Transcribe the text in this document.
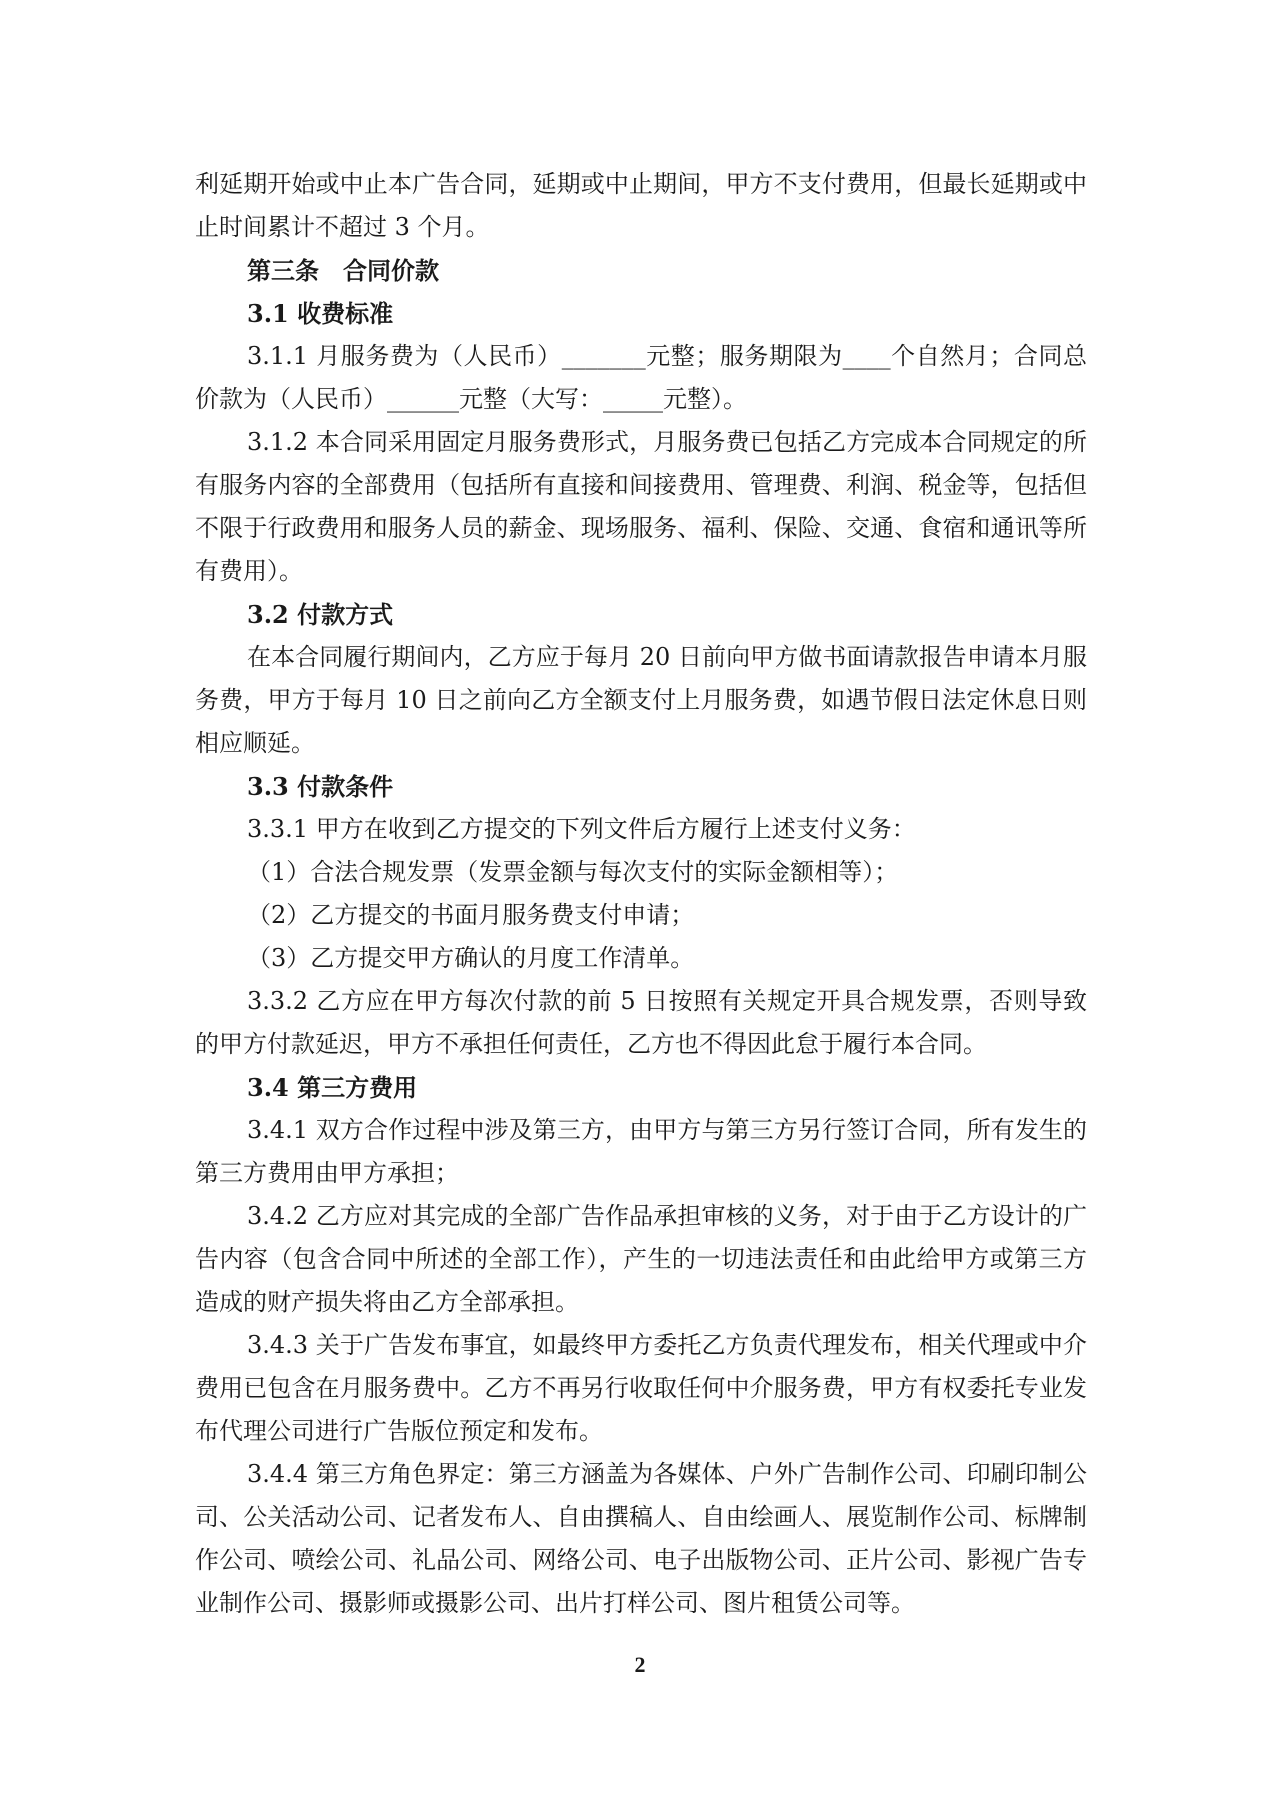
利延期开始或中止本广告合同，延期或中止期间，甲方不支付费用，但最长延期或中止时间累计不超过 3 个月。

第三条　合同价款

3.1 收费标准

3.1.1 月服务费为（人民币）_______元整；服务期限为____个自然月；合同总价款为（人民币）______元整（大写：_____元整）。

3.1.2 本合同采用固定月服务费形式，月服务费已包括乙方完成本合同规定的所有服务内容的全部费用（包括所有直接和间接费用、管理费、利润、税金等，包括但不限于行政费用和服务人员的薪金、现场服务、福利、保险、交通、食宿和通讯等所有费用）。

3.2 付款方式

在本合同履行期间内，乙方应于每月 20 日前向甲方做书面请款报告申请本月服务费，甲方于每月 10 日之前向乙方全额支付上月服务费，如遇节假日法定休息日则相应顺延。

3.3 付款条件

3.3.1 甲方在收到乙方提交的下列文件后方履行上述支付义务：

（1）合法合规发票（发票金额与每次支付的实际金额相等）；

（2）乙方提交的书面月服务费支付申请；

（3）乙方提交甲方确认的月度工作清单。

3.3.2 乙方应在甲方每次付款的前 5 日按照有关规定开具合规发票，否则导致的甲方付款延迟，甲方不承担任何责任，乙方也不得因此怠于履行本合同。

3.4 第三方费用

3.4.1 双方合作过程中涉及第三方，由甲方与第三方另行签订合同，所有发生的第三方费用由甲方承担；

3.4.2 乙方应对其完成的全部广告作品承担审核的义务，对于由于乙方设计的广告内容（包含合同中所述的全部工作），产生的一切违法责任和由此给甲方或第三方造成的财产损失将由乙方全部承担。

3.4.3 关于广告发布事宜，如最终甲方委托乙方负责代理发布，相关代理或中介费用已包含在月服务费中。乙方不再另行收取任何中介服务费，甲方有权委托专业发布代理公司进行广告版位预定和发布。

3.4.4 第三方角色界定：第三方涵盖为各媒体、户外广告制作公司、印刷印制公司、公关活动公司、记者发布人、自由撰稿人、自由绘画人、展览制作公司、标牌制作公司、喷绘公司、礼品公司、网络公司、电子出版物公司、正片公司、影视广告专业制作公司、摄影师或摄影公司、出片打样公司、图片租赁公司等。

2
